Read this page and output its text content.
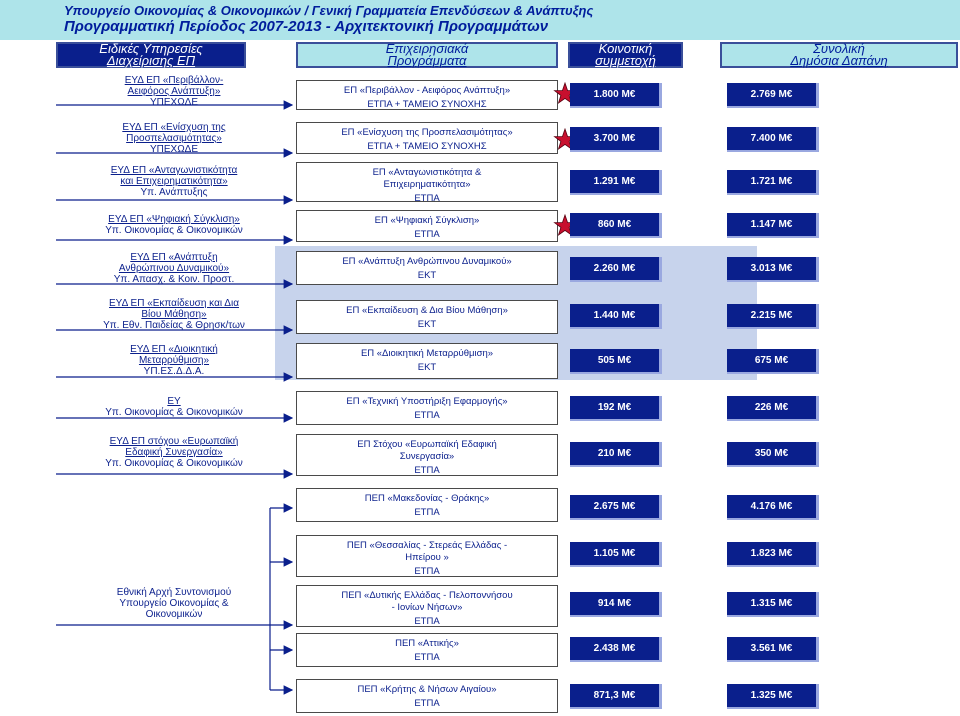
Υπουργείο Οικονομίας & Οικονομικών / Γενική Γραμματεία Επενδύσεων & Ανάπτυξης
Προγραμματική Περίοδος 2007-2013 - Αρχιτεκτονική Προγραμμάτων
Ειδικές Υπηρεσίες
Διαχείρισης ΕΠ
Επιχειρησιακά
Προγράμματα
Κοινοτική
συμμετοχή
Συνολική
Δημόσια Δαπάνη
ΕΥΔ ΕΠ «Περιβάλλον-
Αειφόρος Ανάπτυξη»
ΥΠΕΧΩΔΕ
ΕΥΔ ΕΠ «Ενίσχυση της
Προσπελασιμότητας»
ΥΠΕΧΩΔΕ
ΕΥΔ ΕΠ «Ανταγωνιστικότητα
και Επιχειρηματικότητα»
Υπ. Ανάπτυξης
ΕΥΔ ΕΠ «Ψηφιακή Σύγκλιση»
Υπ. Οικονομίας & Οικονομικών
ΕΥΔ ΕΠ «Ανάπτυξη
Ανθρώπινου Δυναμικού»
Υπ. Απασχ. & Κοιν. Προστ.
ΕΥΔ ΕΠ «Εκπαίδευση και Δια
Βίου Μάθηση»
Υπ. Εθν. Παιδείας & Θρησκ/των
ΕΥΔ ΕΠ «Διοικητική
Μεταρρύθμιση»
ΥΠ.ΕΣ.Δ.Δ.Α.
ΕΥ
Υπ. Οικονομίας & Οικονομικών
ΕΥΔ ΕΠ στόχου «Ευρωπαϊκή
Εδαφική Συνεργασία»
Υπ. Οικονομίας & Οικονομικών
Εθνική Αρχή Συντονισμού
Υπουργείο Οικονομίας &
Οικονομικών
ΕΠ «Περιβάλλον - Αειφόρος Ανάπτυξη»
ΕΤΠΑ + ΤΑΜΕΙΟ ΣΥΝΟΧΗΣ
ΕΠ «Ενίσχυση της Προσπελασιμότητας»
ΕΤΠΑ + ΤΑΜΕΙΟ ΣΥΝΟΧΗΣ
ΕΠ «Ανταγωνιστικότητα &
Επιχειρηματικότητα»
ΕΤΠΑ
ΕΠ «Ψηφιακή Σύγκλιση»
ΕΤΠΑ
ΕΠ «Ανάπτυξη Ανθρώπινου Δυναμικού»
ΕΚΤ
ΕΠ «Εκπαίδευση & Δια Βίου Μάθηση»
ΕΚΤ
ΕΠ «Διοικητική Μεταρρύθμιση»
ΕΚΤ
ΕΠ «Τεχνική Υποστήριξη Εφαρμογής»
ΕΤΠΑ
ΕΠ Στόχου «Ευρωπαϊκή Εδαφική
Συνεργασία»
ΕΤΠΑ
ΠΕΠ «Μακεδονίας - Θράκης»
ΕΤΠΑ
ΠΕΠ «Θεσσαλίας - Στερεάς Ελλάδας -
Ηπείρου »
ΕΤΠΑ
ΠΕΠ «Δυτικής Ελλάδας - Πελοποννήσου
- Ιονίων Νήσων»
ΕΤΠΑ
ΠΕΠ «Αττικής»
ΕΤΠΑ
ΠΕΠ «Κρήτης & Νήσων Αιγαίου»
ΕΤΠΑ
1.800 Μ€
3.700 Μ€
1.291 Μ€
860 Μ€
2.260 Μ€
1.440 Μ€
505 Μ€
192 Μ€
210 Μ€
2.675 Μ€
1.105 Μ€
914 Μ€
2.438 Μ€
871,3 Μ€
2.769 Μ€
7.400 Μ€
1.721 Μ€
1.147 Μ€
3.013 Μ€
2.215 Μ€
675 Μ€
226 Μ€
350 Μ€
4.176 Μ€
1.823 Μ€
1.315 Μ€
3.561 Μ€
1.325 Μ€
